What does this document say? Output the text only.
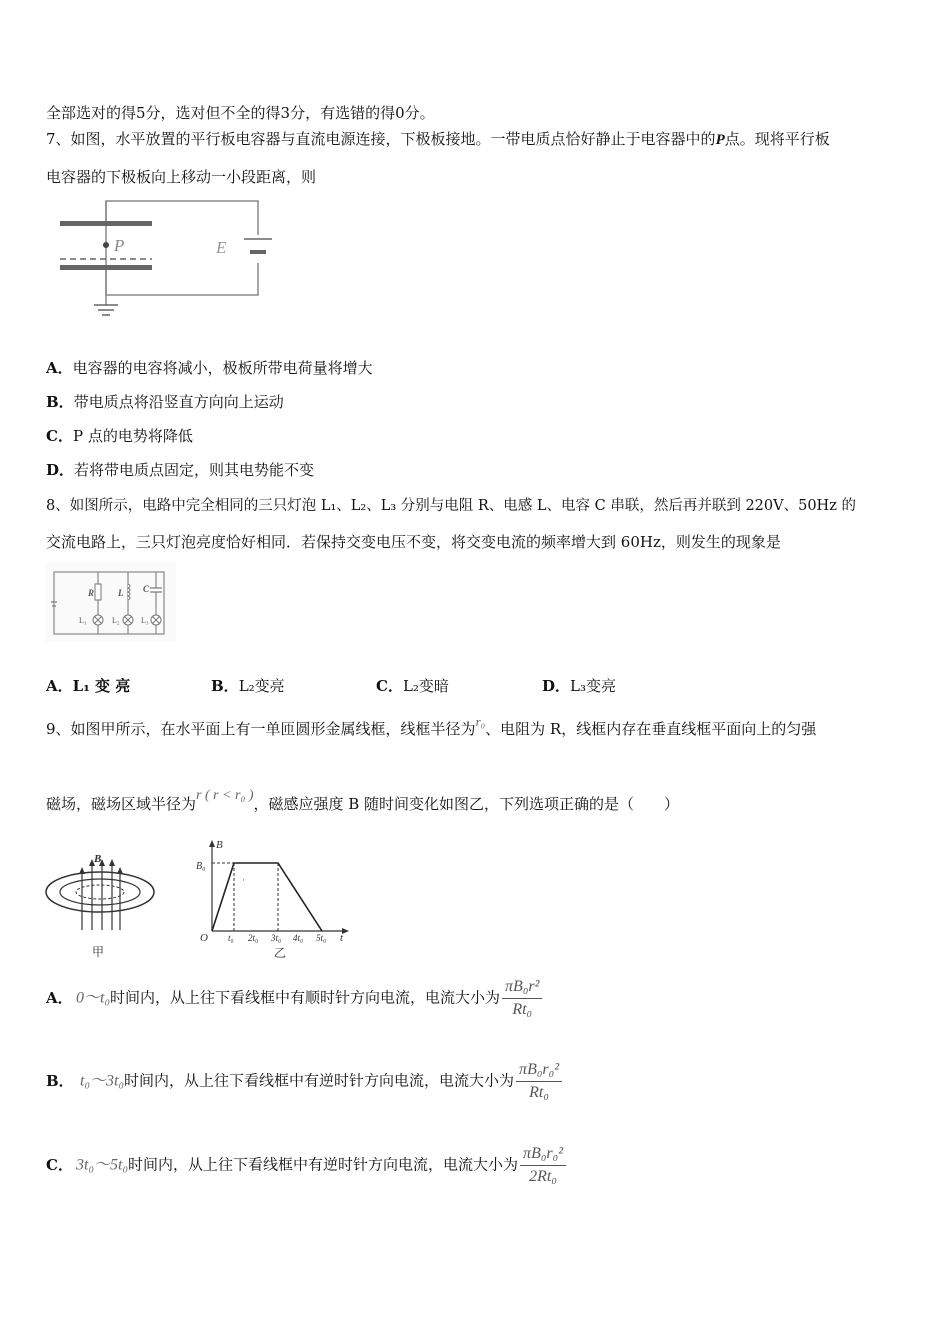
全部选对的得5分，选对但不全的得3分，有选错的得0分。
7、如图，水平放置的平行板电容器与直流电源连接，下极板接地。一带电质点恰好静止于电容器中的P点。现将平行板
电容器的下极板向上移动一小段距离，则
P	E
A．电容器的电容将减小，极板所带电荷量将增大
B．带电质点将沿竖直方向向上运动
C．P 点的电势将降低
D．若将带电质点固定，则其电势能不变
8、如图所示，电路中完全相同的三只灯泡 L₁、L₂、L₃ 分别与电阻 R、电感 L、电容 C 串联，然后再并联到 220V、50Hz 的
交流电路上，三只灯泡亮度恰好相同．若保持交变电压不变，将交变电流的频率增大到 60Hz，则发生的现象是
R	L C
L₁	L₂	L₃
A．L₁ 变 亮	B．L₂变亮	C．L₂变暗	D．L₃变亮
9、如图甲所示，在水平面上有一单匝圆形金属线框，线框半径为r₀、电阻为 R，线框内存在垂直线框平面向上的匀强
磁场，磁场区域半径为r ( r < r₀ )，磁感应强度 B 随时间变化如图乙，下列选项正确的是（　　）
B
甲
B
B₀
O	t
·
t₀ 2t₀ 3t₀ 4t₀ 5t₀
乙
A． 0～t₀时间内，从上往下看线框中有顺时针方向电流，电流大小为 $\frac{\text{πB₀r²}}{\text{Rt₀}}$
B． t₀～3t₀时间内，从上往下看线框中有逆时针方向电流，电流大小为 $\frac{\text{πB₀r₀²}}{\text{Rt₀}}$
C． 3t₀～5t₀时间内，从上往下看线框中有逆时针方向电流，电流大小为 $\frac{\text{πB₀r₀²}}{\text{2Rt₀}}$
